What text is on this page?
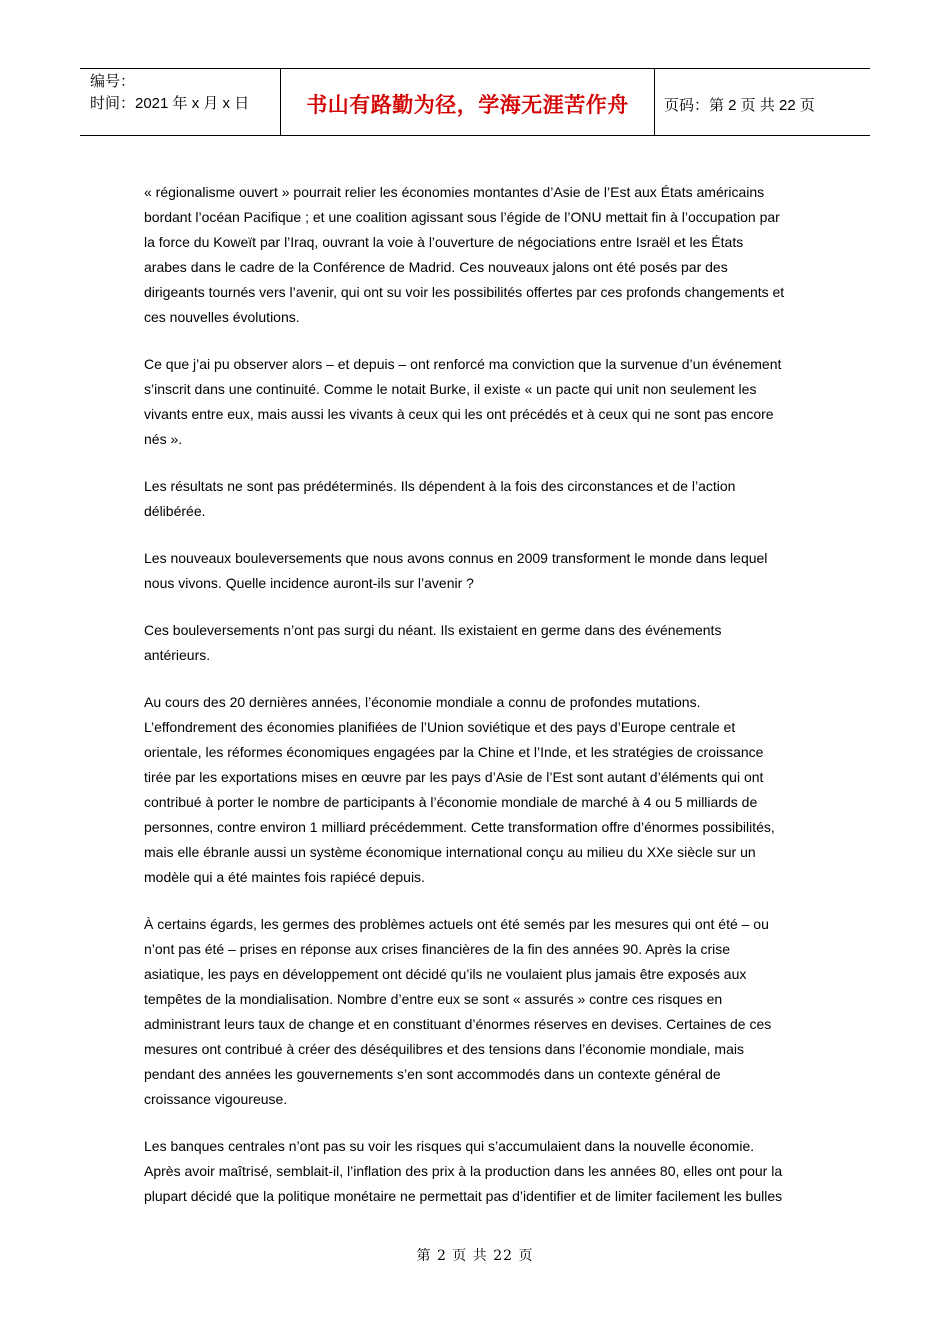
编号：
时间：2021 年 x 月 x 日	书山有路勤为径，学海无涯苦作舟 页码：第 2 页 共 22 页
« régionalisme ouvert » pourrait relier les économies montantes d’Asie de l’Est aux États américains
bordant l’océan Pacifique ; et une coalition agissant sous l’égide de l’ONU mettait fin à l’occupation par
la force du Koweït par l’Iraq, ouvrant la voie à l’ouverture de négociations entre Israël et les États
arabes dans le cadre de la Conférence de Madrid. Ces nouveaux jalons ont été posés par des
dirigeants tournés vers l’avenir, qui ont su voir les possibilités offertes par ces profonds changements et
ces nouvelles évolutions.
Ce que j’ai pu observer alors – et depuis – ont renforcé ma conviction que la survenue d’un événement
s’inscrit dans une continuité. Comme le notait Burke, il existe « un pacte qui unit non seulement les
vivants entre eux, mais aussi les vivants à ceux qui les ont précédés et à ceux qui ne sont pas encore
nés ».
Les résultats ne sont pas prédéterminés. Ils dépendent à la fois des circonstances et de l’action
délibérée.
Les nouveaux bouleversements que nous avons connus en 2009 transforment le monde dans lequel
nous vivons. Quelle incidence auront-ils sur l’avenir ?
Ces bouleversements n’ont pas surgi du néant. Ils existaient en germe dans des événements
antérieurs.
Au cours des 20 dernières années, l’économie mondiale a connu de profondes mutations.
L’effondrement des économies planifiées de l’Union soviétique et des pays d’Europe centrale et
orientale, les réformes économiques engagées par la Chine et l’Inde, et les stratégies de croissance
tirée par les exportations mises en œuvre par les pays d’Asie de l’Est sont autant d’éléments qui ont
contribué à porter le nombre de participants à l’économie mondiale de marché à 4 ou 5 milliards de
personnes, contre environ 1 milliard précédemment. Cette transformation offre d’énormes possibilités,
mais elle ébranle aussi un système économique international conçu au milieu du XXe siècle sur un
modèle qui a été maintes fois rapiécé depuis.
À certains égards, les germes des problèmes actuels ont été semés par les mesures qui ont été – ou
n’ont pas été – prises en réponse aux crises financières de la fin des années 90. Après la crise
asiatique, les pays en développement ont décidé qu’ils ne voulaient plus jamais être exposés aux
tempêtes de la mondialisation. Nombre d’entre eux se sont « assurés » contre ces risques en
administrant leurs taux de change et en constituant d’énormes réserves en devises. Certaines de ces
mesures ont contribué à créer des déséquilibres et des tensions dans l’économie mondiale, mais
pendant des années les gouvernements s’en sont accommodés dans un contexte général de
croissance vigoureuse.
Les banques centrales n’ont pas su voir les risques qui s’accumulaient dans la nouvelle économie.
Après avoir maîtrisé, semblait-il, l’inflation des prix à la production dans les années 80, elles ont pour la
plupart décidé que la politique monétaire ne permettait pas d’identifier et de limiter facilement les bulles
第 2 页 共 22 页
